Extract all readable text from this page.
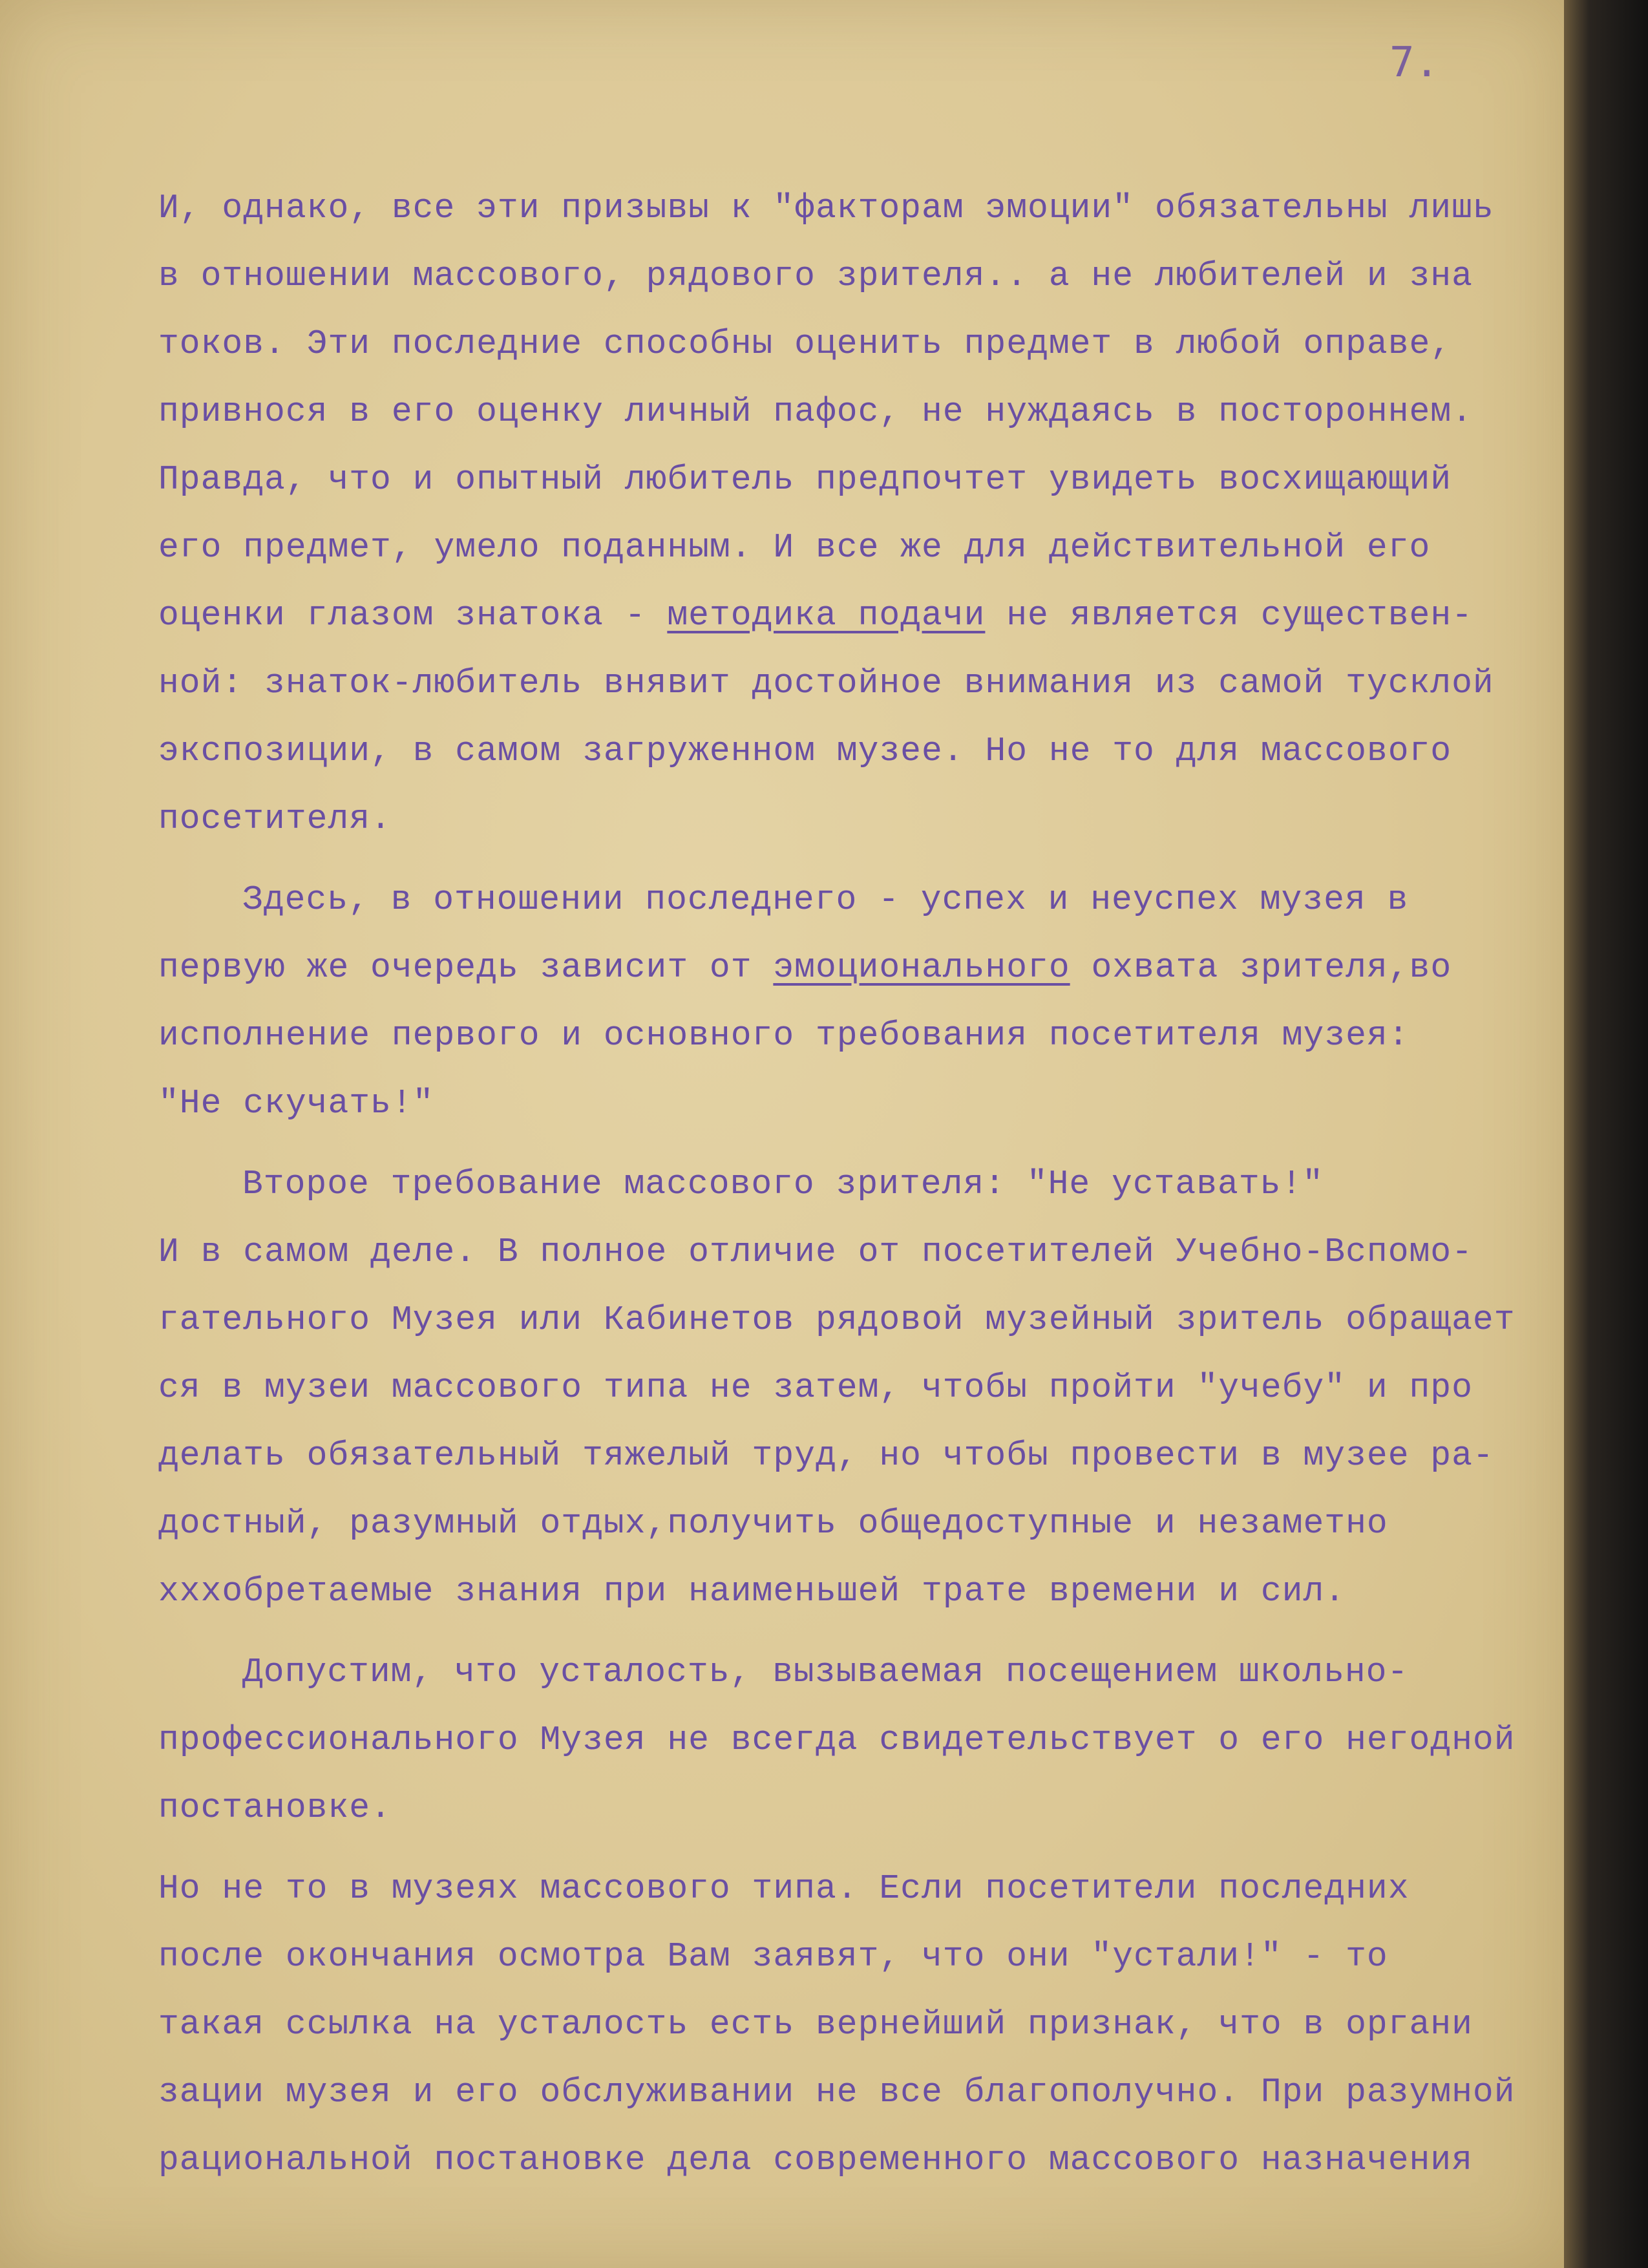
7.
И, однако, все эти призывы к "факторам эмоции" обязательны лишь
в отношении массового, рядового зрителя.. а не любителей и зна
токов. Эти последние способны оценить предмет в любой оправе,
привнося в его оценку личный пафос, не нуждаясь в постороннем.
Правда, что и опытный любитель предпочтет увидеть восхищающий
его предмет, умело поданным. И все же для действительной его
оценки глазом знатока - методика подачи не является существен-
ной: знаток-любитель внявит достойное внимания из самой тусклой
экспозиции, в самом загруженном музее. Но не то для массового
посетителя.
Здесь, в отношении последнего - успех и неуспех музея в
первую же очередь зависит от эмоционального охвата зрителя,во
исполнение первого и основного требования посетителя музея:
"Не скучать!"
Второе требование массового зрителя: "Не уставать!"
И в самом деле. В полное отличие от посетителей Учебно-Вспомо-
гательного Музея или Кабинетов рядовой музейный зритель обращает
ся в музеи массового типа не затем, чтобы пройти "учебу" и про
делать обязательный тяжелый труд, но чтобы провести в музее ра-
достный, разумный отдых,получить общедоступные и незаметно
xxxобретаемые знания при наименьшей трате времени и сил.
Допустим, что усталость, вызываемая посещением школьно-
профессионального Музея не всегда свидетельствует о его негодной
постановке.
Но не то в музеях массового типа. Если посетители последних
после окончания осмотра Вам заявят, что они "устали!" - то
такая ссылка на усталость есть вернейший признак, что в органи
зации музея и его обслуживании не все благополучно. При разумной
рациональной постановке дела современного массового назначения
